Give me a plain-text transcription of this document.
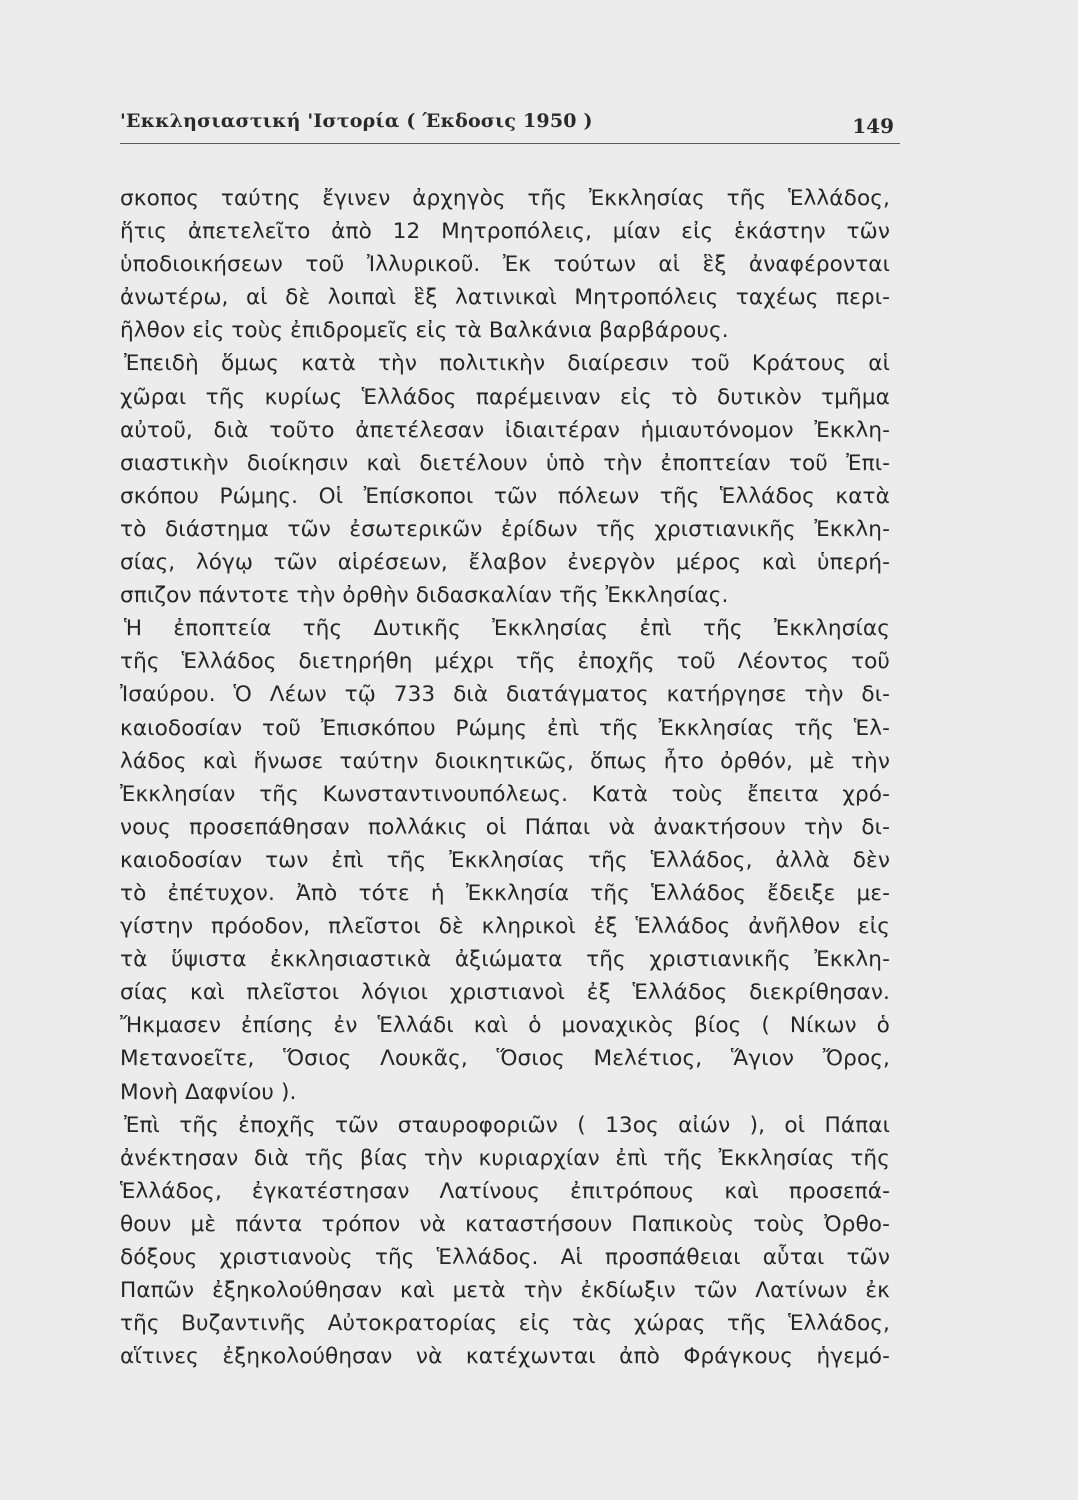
'Εκκλησιαστική 'Ιστορία ( Έκδοσις 1950 )	149
σκοπος ταύτης ἔγινεν ἀρχηγὸς τῆς Ἐκκλησίας τῆς Ἑλλάδος,
ἥτις ἀπετελεῖτο ἀπὸ 12 Μητροπόλεις, μίαν εἰς ἑκάστην τῶν
ὑποδιοικήσεων τοῦ Ἰλλυρικοῦ. Ἐκ τούτων αἱ ἓξ ἀναφέρονται
ἀνωτέρω, αἱ δὲ λοιπαὶ ἓξ λατινικαὶ Μητροπόλεις ταχέως περι-
ῆλθον εἰς τοὺς ἐπιδρομεῖς εἰς τὰ Βαλκάνια βαρβάρους.
Ἐπειδὴ ὅμως κατὰ τὴν πολιτικὴν διαίρεσιν τοῦ Κράτους αἱ
χῶραι τῆς κυρίως Ἑλλάδος παρέμειναν εἰς τὸ δυτικὸν τμῆμα
αὐτοῦ, διὰ τοῦτο ἀπετέλεσαν ἰδιαιτέραν ἡμιαυτόνομον Ἐκκλη-
σιαστικὴν διοίκησιν καὶ διετέλουν ὑπὸ τὴν ἐποπτείαν τοῦ Ἐπι-
σκόπου Ρώμης. Οἱ Ἐπίσκοποι τῶν πόλεων τῆς Ἑλλάδος κατὰ
τὸ διάστημα τῶν ἐσωτερικῶν ἐρίδων τῆς χριστιανικῆς Ἐκκλη-
σίας, λόγῳ τῶν αἱρέσεων, ἔλαβον ἐνεργὸν μέρος καὶ ὑπερή-
σπιζον πάντοτε τὴν ὀρθὴν διδασκαλίαν τῆς Ἐκκλησίας.
Ἡ ἐποπτεία τῆς Δυτικῆς Ἐκκλησίας ἐπὶ τῆς Ἐκκλησίας
τῆς Ἑλλάδος διετηρήθη μέχρι τῆς ἐποχῆς τοῦ Λέοντος τοῦ
Ἰσαύρου. Ὁ Λέων τῷ 733 διὰ διατάγματος κατήργησε τὴν δι-
καιοδοσίαν τοῦ Ἐπισκόπου Ρώμης ἐπὶ τῆς Ἐκκλησίας τῆς Ἑλ-
λάδος καὶ ἥνωσε ταύτην διοικητικῶς, ὅπως ἦτο ὀρθόν, μὲ τὴν
Ἐκκλησίαν τῆς Κωνσταντινουπόλεως. Κατὰ τοὺς ἔπειτα χρό-
νους προσεπάθησαν πολλάκις οἱ Πάπαι νὰ ἀνακτήσουν τὴν δι-
καιοδοσίαν των ἐπὶ τῆς Ἐκκλησίας τῆς Ἑλλάδος, ἀλλὰ δὲν
τὸ ἐπέτυχον. Ἀπὸ τότε ἡ Ἐκκλησία τῆς Ἑλλάδος ἔδειξε με-
γίστην πρόοδον, πλεῖστοι δὲ κληρικοὶ ἐξ Ἑλλάδος ἀνῆλθον εἰς
τὰ ὕψιστα ἐκκλησιαστικὰ ἀξιώματα τῆς χριστιανικῆς Ἐκκλη-
σίας καὶ πλεῖστοι λόγιοι χριστιανοὶ ἐξ Ἑλλάδος διεκρίθησαν.
Ἤκμασεν ἐπίσης ἐν Ἑλλάδι καὶ ὁ μοναχικὸς βίος ( Νίκων ὁ
Μετανοεῖτε, Ὅσιος Λουκᾶς, Ὅσιος Μελέτιος, Ἅγιον Ὄρος,
Μονὴ Δαφνίου ).
Ἐπὶ τῆς ἐποχῆς τῶν σταυροφοριῶν ( 13ος αἰών ), οἱ Πάπαι
ἀνέκτησαν διὰ τῆς βίας τὴν κυριαρχίαν ἐπὶ τῆς Ἐκκλησίας τῆς
Ἑλλάδος, ἐγκατέστησαν Λατίνους ἐπιτρόπους καὶ προσεπά-
θουν μὲ πάντα τρόπον νὰ καταστήσουν Παπικοὺς τοὺς Ὀρθο-
δόξους χριστιανοὺς τῆς Ἑλλάδος. Αἱ προσπάθειαι αὗται τῶν
Παπῶν ἐξηκολούθησαν καὶ μετὰ τὴν ἐκδίωξιν τῶν Λατίνων ἐκ
τῆς Βυζαντινῆς Αὐτοκρατορίας εἰς τὰς χώρας τῆς Ἑλλάδος,
αἵτινες ἐξηκολούθησαν νὰ κατέχωνται ἀπὸ Φράγκους ἡγεμό-
